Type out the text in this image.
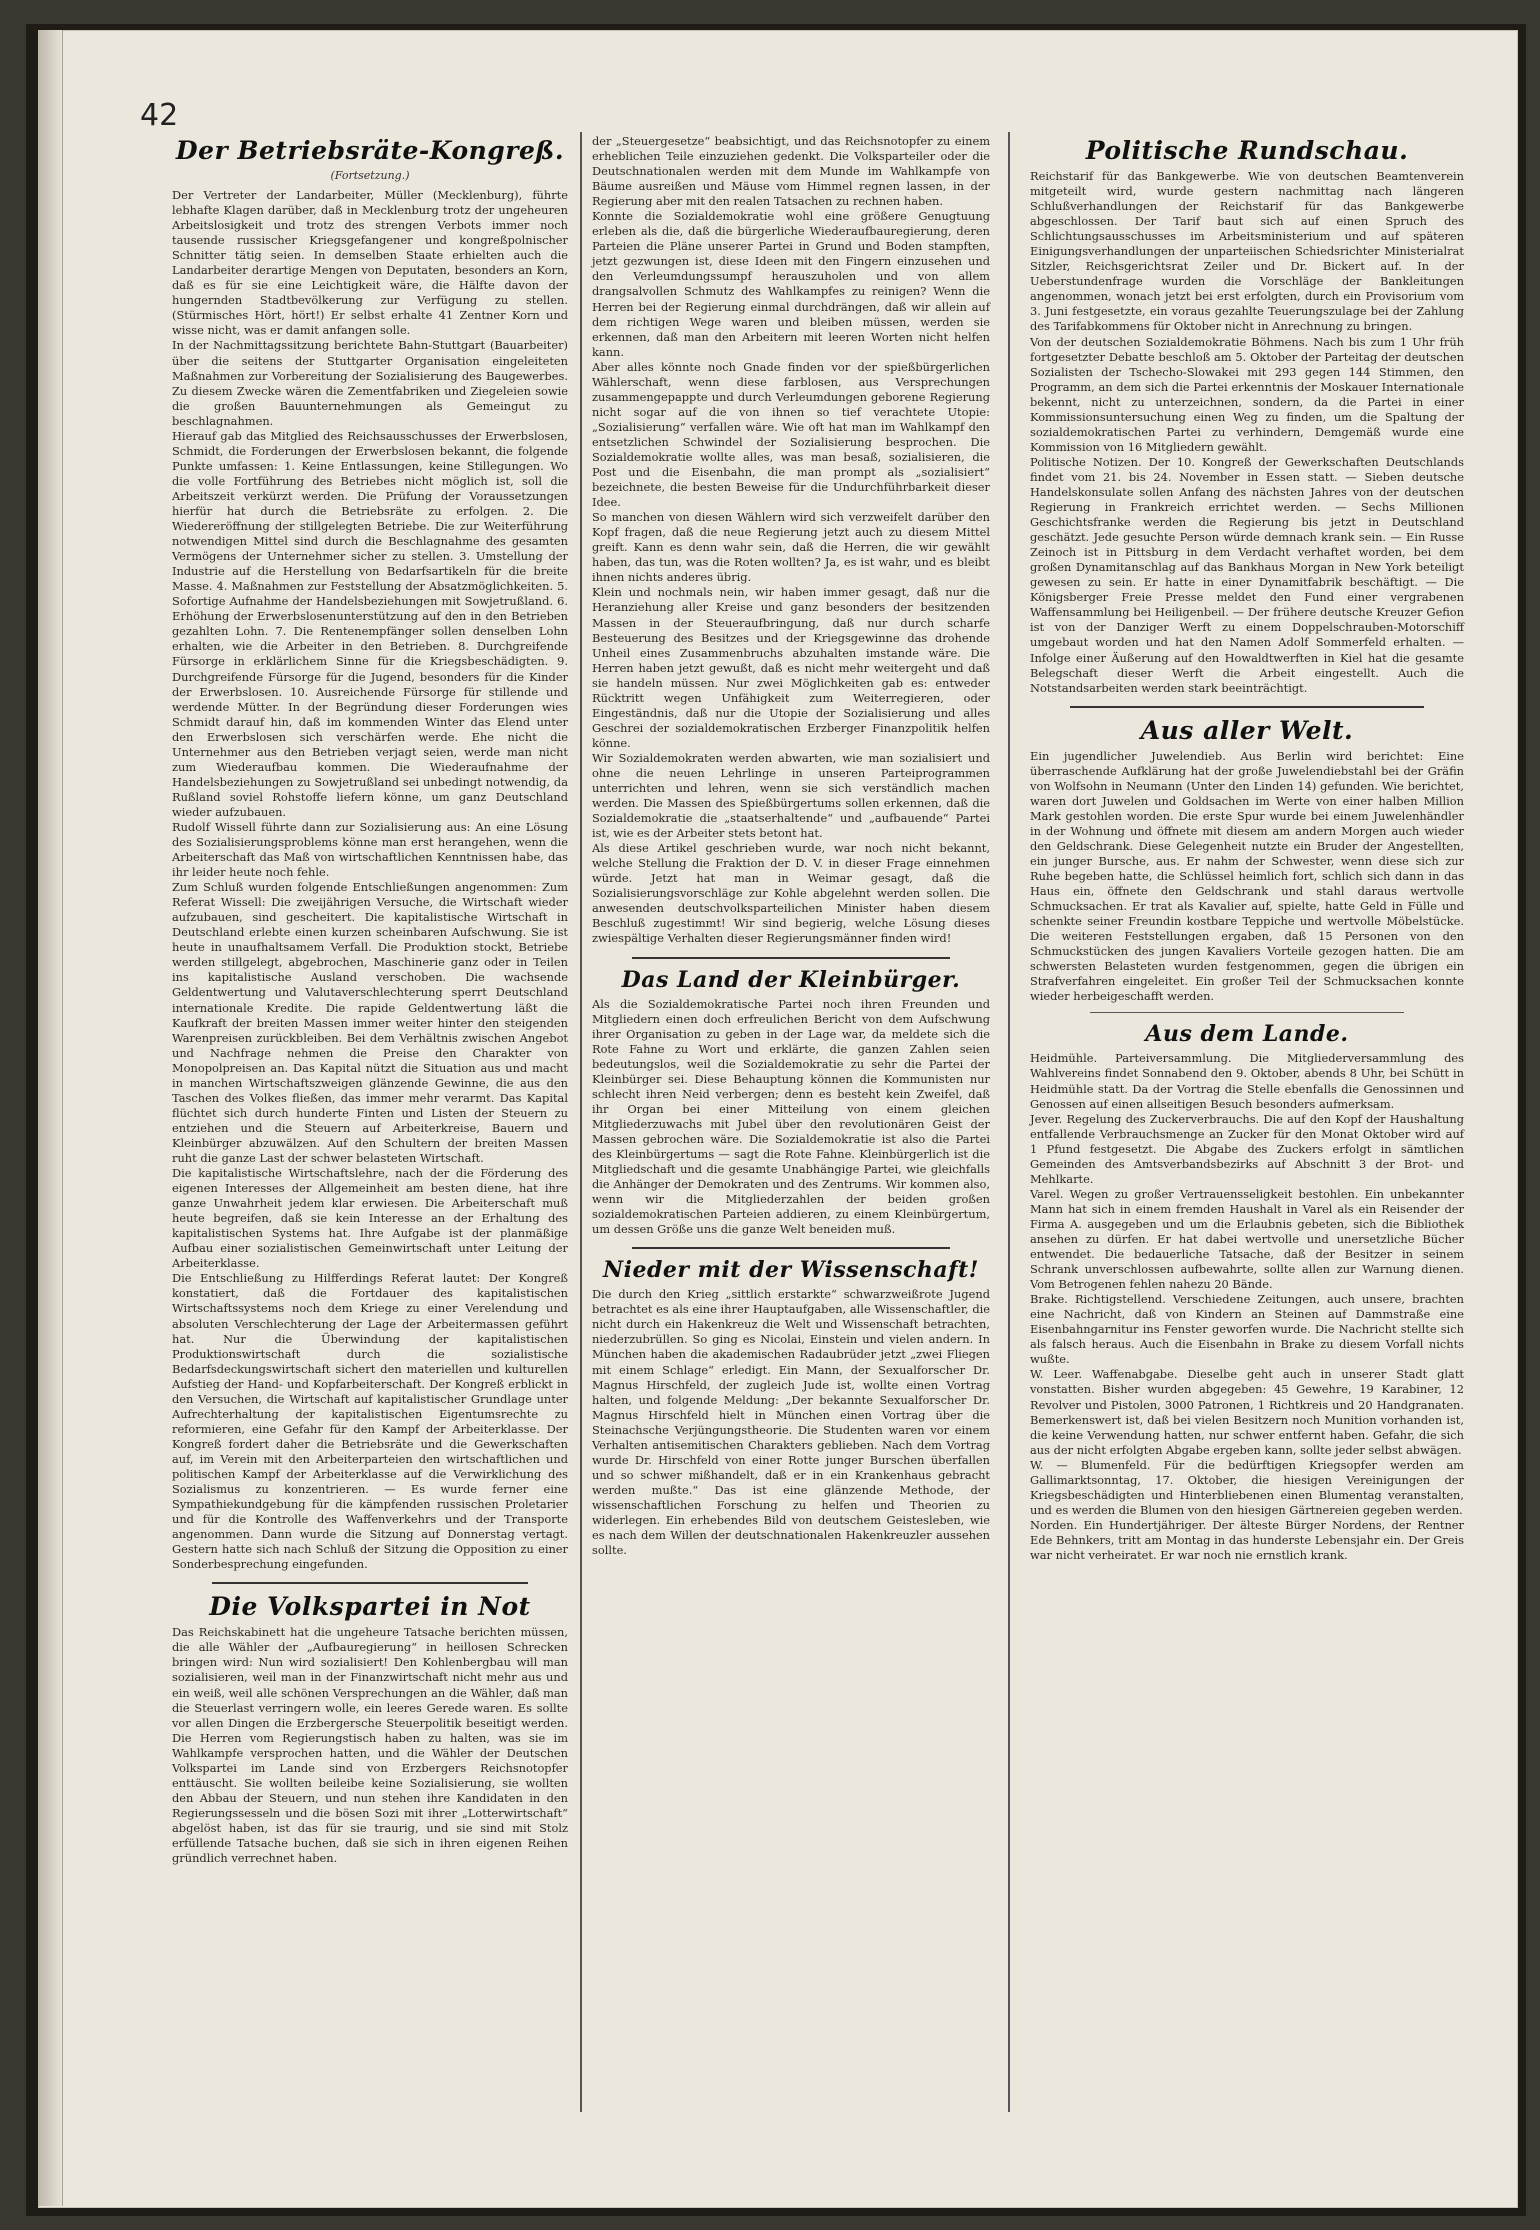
42
Der Betriebsräte-Kongreß.
(Fortsetzung.)

Der Vertreter der Landarbeiter, Müller (Mecklenburg), führte lebhafte Klagen darüber, daß in Mecklenburg trotz der ungeheuren Arbeitslosigkeit und trotz des strengen Verbots immer noch tausende russischer Kriegsgefangener und kongreßpolnischer Schnitter tätig seien. In demselben Staate erhielten auch die Landarbeiter derartige Mengen von Deputaten, besonders an Korn, daß es für sie eine Leichtigkeit wäre, die Hälfte davon der hungernden Stadtbevölkerung zur Verfügung zu stellen. (Stürmisches Hört, hört!) Er selbst erhalte 41 Zentner Korn und wisse nicht, was er damit anfangen solle.

In der Nachmittagssitzung berichtete Bahn-Stuttgart (Bauarbeiter) über die seitens der Stuttgarter Organisation eingeleiteten Maßnahmen zur Vorbereitung der Sozialisierung des Baugewerbes. Zu diesem Zwecke wären die Zementfabriken und Ziegeleien sowie die großen Bauunternehmungen als Gemeingut zu beschlagnahmen.

Hierauf gab das Mitglied des Reichsausschusses der Erwerbslosen, Schmidt, die Forderungen der Erwerbslosen bekannt, die folgende Punkte umfassen: 1. Keine Entlassungen, keine Stillegungen. Wo die volle Fortführung des Betriebes nicht möglich ist, soll die Arbeitszeit verkürzt werden. Die Prüfung der Voraussetzungen hierfür hat durch die Betriebsräte zu erfolgen. 2. Die Wiedereröffnung der stillgelegten Betriebe. Die zur Weiterführung notwendigen Mittel sind durch die Beschlagnahme des gesamten Vermögens der Unternehmer sicher zu stellen. 3. Umstellung der Industrie auf die Herstellung von Bedarfsartikeln für die breite Masse. 4. Maßnahmen zur Feststellung der Absatzmöglichkeiten. 5. Sofortige Aufnahme der Handelsbeziehungen mit Sowjetrußland. 6. Erhöhung der Erwerbslosenunterstützung auf den in den Betrieben gezahlten Lohn. 7. Die Rentenempfänger sollen denselben Lohn erhalten, wie die Arbeiter in den Betrieben. 8. Durchgreifende Fürsorge in erklärlichem Sinne für die Kriegsbeschädigten. 9. Durchgreifende Fürsorge für die Jugend, besonders für die Kinder der Erwerbslosen. 10. Ausreichende Fürsorge für stillende und werdende Mütter. In der Begründung dieser Forderungen wies Schmidt darauf hin, daß im kommenden Winter das Elend unter den Erwerbslosen sich verschärfen werde. Ehe nicht die Unternehmer aus den Betrieben verjagt seien, werde man nicht zum Wiederaufbau kommen. Die Wiederaufnahme der Handelsbeziehungen zu Sowjetrußland sei unbedingt notwendig, da Rußland soviel Rohstoffe liefern könne, um ganz Deutschland wieder aufzubauen.

Rudolf Wissell führte dann zur Sozialisierung aus: An eine Lösung des Sozialisierungsproblems könne man erst herangehen, wenn die Arbeiterschaft das Maß von wirtschaftlichen Kenntnissen habe, das ihr leider heute noch fehle.

Zum Schluß wurden folgende Entschließungen angenommen: Zum Referat Wissell: Die zweijährigen Versuche, die Wirtschaft wieder aufzubauen, sind gescheitert. Die kapitalistische Wirtschaft in Deutschland erlebte einen kurzen scheinbaren Aufschwung. Sie ist heute in unaufhaltsamem Verfall. Die Produktion stockt, Betriebe werden stillgelegt, abgebrochen, Maschinerie ganz oder in Teilen ins kapitalistische Ausland verschoben. Die wachsende Geldentwertung und Valutaverschlechterung sperrt Deutschland internationale Kredite. Die rapide Geldentwertung läßt die Kaufkraft der breiten Massen immer weiter hinter den steigenden Warenpreisen zurückbleiben. Bei dem Verhältnis zwischen Angebot und Nachfrage nehmen die Preise den Charakter von Monopolpreisen an. Das Kapital nützt die Situation aus und macht in manchen Wirtschaftszweigen glänzende Gewinne, die aus den Taschen des Volkes fließen, das immer mehr verarmt. Das Kapital flüchtet sich durch hunderte Finten und Listen der Steuern zu entziehen und die Steuern auf Arbeiterkreise, Bauern und Kleinbürger abzuwälzen. Auf den Schultern der breiten Massen ruht die ganze Last der schwer belasteten Wirtschaft.

Die kapitalistische Wirtschaftslehre, nach der die Förderung des eigenen Interesses der Allgemeinheit am besten diene, hat ihre ganze Unwahrheit jedem klar erwiesen. Die Arbeiterschaft muß heute begreifen, daß sie kein Interesse an der Erhaltung des kapitalistischen Systems hat. Ihre Aufgabe ist der planmäßige Aufbau einer sozialistischen Gemeinwirtschaft unter Leitung der Arbeiterklasse.

Die Entschließung zu Hilfferdings Referat lautet: Der Kongreß konstatiert, daß die Fortdauer des kapitalistischen Wirtschaftssystems noch dem Kriege zu einer Verelendung und absoluten Verschlechterung der Lage der Arbeitermassen geführt hat. Nur die Überwindung der kapitalistischen Produktionswirtschaft durch die sozialistische Bedarfsdeckungswirtschaft sichert den materiellen und kulturellen Aufstieg der Hand- und Kopfarbeiterschaft. Der Kongreß erblickt in den Versuchen, die Wirtschaft auf kapitalistischer Grundlage unter Aufrechterhaltung der kapitalistischen Eigentumsrechte zu reformieren, eine Gefahr für den Kampf der Arbeiterklasse. Der Kongreß fordert daher die Betriebsräte und die Gewerkschaften auf, im Verein mit den Arbeiterparteien den wirtschaftlichen und politischen Kampf der Arbeiterklasse auf die Verwirklichung des Sozialismus zu konzentrieren. — Es wurde ferner eine Sympathiekundgebung für die kämpfenden russischen Proletarier und für die Kontrolle des Waffenverkehrs und der Transporte angenommen. Dann wurde die Sitzung auf Donnerstag vertagt. Gestern hatte sich nach Schluß der Sitzung die Opposition zu einer Sonderbesprechung eingefunden.

Die Volkspartei in Not

Das Reichskabinett hat die ungeheure Tatsache berichten müssen, die alle Wähler der „Aufbauregierung“ in heillosen Schrecken bringen wird: Nun wird sozialisiert! Den Kohlenbergbau will man sozialisieren, weil man in der Finanzwirtschaft nicht mehr aus und ein weiß, weil alle schönen Versprechungen an die Wähler, daß man die Steuerlast verringern wolle, ein leeres Gerede waren. Es sollte vor allen Dingen die Erzbergersche Steuerpolitik beseitigt werden. Die Herren vom Regierungstisch haben zu halten, was sie im Wahlkampfe versprochen hatten, und die Wähler der Deutschen Volkspartei im Lande sind von Erzbergers Reichsnotopfer enttäuscht. Sie wollten beileibe keine Sozialisierung, sie wollten den Abbau der Steuern, und nun stehen ihre Kandidaten in den Regierungssesseln und die bösen Sozi mit ihrer „Lotterwirtschaft“ abgelöst haben, ist das für sie traurig, und sie sind mit Stolz erfüllende Tatsache buchen, daß sie sich in ihren eigenen Reihen gründlich verrechnet haben.

der „Steuergesetze“ beabsichtigt, und das Reichsnotopfer zu einem erheblichen Teile einzuziehen gedenkt. Die Volksparteiler oder die Deutschnationalen werden mit dem Munde im Wahlkampfe von Bäume ausreißen und Mäuse vom Himmel regnen lassen, in der Regierung aber mit den realen Tatsachen zu rechnen haben.

Konnte die Sozialdemokratie wohl eine größere Genugtuung erleben als die, daß die bürgerliche Wiederaufbauregierung, deren Parteien die Pläne unserer Partei in Grund und Boden stampften, jetzt gezwungen ist, diese Ideen mit den Fingern einzusehen und den Verleumdungssumpf herauszuholen und von allem drangsalvollen Schmutz des Wahlkampfes zu reinigen? Wenn die Herren bei der Regierung einmal durchdrängen, daß wir allein auf dem richtigen Wege waren und bleiben müssen, werden sie erkennen, daß man den Arbeitern mit leeren Worten nicht helfen kann.

Aber alles könnte noch Gnade finden vor der spießbürgerlichen Wählerschaft, wenn diese farblosen, aus Versprechungen zusammengepappte und durch Verleumdungen geborene Regierung nicht sogar auf die von ihnen so tief verachtete Utopie: „Sozialisierung“ verfallen wäre. Wie oft hat man im Wahlkampf den entsetzlichen Schwindel der Sozialisierung besprochen. Die Sozialdemokratie wollte alles, was man besaß, sozialisieren, die Post und die Eisenbahn, die man prompt als „sozialisiert“ bezeichnete, die besten Beweise für die Undurchführbarkeit dieser Idee.

So manchen von diesen Wählern wird sich verzweifelt darüber den Kopf fragen, daß die neue Regierung jetzt auch zu diesem Mittel greift. Kann es denn wahr sein, daß die Herren, die wir gewählt haben, das tun, was die Roten wollten? Ja, es ist wahr, und es bleibt ihnen nichts anderes übrig.

Klein und nochmals nein, wir haben immer gesagt, daß nur die Heranziehung aller Kreise und ganz besonders der besitzenden Massen in der Steueraufbringung, daß nur durch scharfe Besteuerung des Besitzes und der Kriegsgewinne das drohende Unheil eines Zusammenbruchs abzuhalten imstande wäre. Die Herren haben jetzt gewußt, daß es nicht mehr weitergeht und daß sie handeln müssen. Nur zwei Möglichkeiten gab es: entweder Rücktritt wegen Unfähigkeit zum Weiterregieren, oder Eingeständnis, daß nur die Utopie der Sozialisierung und alles Geschrei der sozialdemokratischen Erzberger Finanzpolitik helfen könne.

Wir Sozialdemokraten werden abwarten, wie man sozialisiert und ohne die neuen Lehrlinge in unseren Parteiprogrammen unterrichten und lehren, wenn sie sich verständlich machen werden. Die Massen des Spießbürgertums sollen erkennen, daß die Sozialdemokratie die „staatserhaltende“ und „aufbauende“ Partei ist, wie es der Arbeiter stets betont hat.

Als diese Artikel geschrieben wurde, war noch nicht bekannt, welche Stellung die Fraktion der D. V. in dieser Frage einnehmen würde. Jetzt hat man in Weimar gesagt, daß die Sozialisierungsvorschläge zur Kohle abgelehnt werden sollen. Die anwesenden deutschvolksparteilichen Minister haben diesem Beschluß zugestimmt! Wir sind begierig, welche Lösung dieses zwiespältige Verhalten dieser Regierungsmänner finden wird!

Das Land der Kleinbürger.

Als die Sozialdemokratische Partei noch ihren Freunden und Mitgliedern einen doch erfreulichen Bericht von dem Aufschwung ihrer Organisation zu geben in der Lage war, da meldete sich die Rote Fahne zu Wort und erklärte, die ganzen Zahlen seien bedeutungslos, weil die Sozialdemokratie zu sehr die Partei der Kleinbürger sei. Diese Behauptung können die Kommunisten nur schlecht ihren Neid verbergen; denn es besteht kein Zweifel, daß ihr Organ bei einer Mitteilung von einem gleichen Mitgliederzuwachs mit Jubel über den revolutionären Geist der Massen gebrochen wäre. Die Sozialdemokratie ist also die Partei des Kleinbürgertums — sagt die Rote Fahne. Kleinbürgerlich ist die Mitgliedschaft und die gesamte Unabhängige Partei, wie gleichfalls die Anhänger der Demokraten und des Zentrums. Wir kommen also, wenn wir die Mitgliederzahlen der beiden großen sozialdemokratischen Parteien addieren, zu einem Kleinbürgertum, um dessen Größe uns die ganze Welt beneiden muß.

Nieder mit der Wissenschaft!

Die durch den Krieg „sittlich erstarkte“ schwarzweißrote Jugend betrachtet es als eine ihrer Hauptaufgaben, alle Wissenschaftler, die nicht durch ein Hakenkreuz die Welt und Wissenschaft betrachten, niederzubrüllen. So ging es Nicolai, Einstein und vielen andern. In München haben die akademischen Radaubrüder jetzt „zwei Fliegen mit einem Schlage“ erledigt. Ein Mann, der Sexualforscher Dr. Magnus Hirschfeld, der zugleich Jude ist, wollte einen Vortrag halten, und folgende Meldung: „Der bekannte Sexualforscher Dr. Magnus Hirschfeld hielt in München einen Vortrag über die Steinachsche Verjüngungstheorie. Die Studenten waren vor einem Verhalten antisemitischen Charakters geblieben. Nach dem Vortrag wurde Dr. Hirschfeld von einer Rotte junger Burschen überfallen und so schwer mißhandelt, daß er in ein Krankenhaus gebracht werden mußte.“ Das ist eine glänzende Methode, der wissenschaftlichen Forschung zu helfen und Theorien zu widerlegen. Ein erhebendes Bild von deutschem Geistesleben, wie es nach dem Willen der deutschnationalen Hakenkreuzler aussehen sollte.

Politische Rundschau.

Reichstarif für das Bankgewerbe. Wie von deutschen Beamtenverein mitgeteilt wird, wurde gestern nachmittag nach längeren Schlußverhandlungen der Reichstarif für das Bankgewerbe abgeschlossen. Der Tarif baut sich auf einen Spruch des Schlichtungsausschusses im Arbeitsministerium und auf späteren Einigungsverhandlungen der unparteiischen Schiedsrichter Ministerialrat Sitzler, Reichsgerichtsrat Zeiler und Dr. Bickert auf. In der Ueberstundenfrage wurden die Vorschläge der Bankleitungen angenommen, wonach jetzt bei erst erfolgten, durch ein Provisorium vom 3. Juni festgesetzte, ein voraus gezahlte Teuerungszulage bei der Zahlung des Tarifabkommens für Oktober nicht in Anrechnung zu bringen.

Von der deutschen Sozialdemokratie Böhmens. Nach bis zum 1 Uhr früh fortgesetzter Debatte beschloß am 5. Oktober der Parteitag der deutschen Sozialisten der Tschecho-Slowakei mit 293 gegen 144 Stimmen, den Programm, an dem sich die Partei erkenntnis der Moskauer Internationale bekennt, nicht zu unterzeichnen, sondern, da die Partei in einer Kommissionsuntersuchung einen Weg zu finden, um die Spaltung der sozialdemokratischen Partei zu verhindern, Demgemäß wurde eine Kommission von 16 Mitgliedern gewählt.

Politische Notizen. Der 10. Kongreß der Gewerkschaften Deutschlands findet vom 21. bis 24. November in Essen statt. — Sieben deutsche Handelskonsulate sollen Anfang des nächsten Jahres von der deutschen Regierung in Frankreich errichtet werden. — Sechs Millionen Geschichtsfranke werden die Regierung bis jetzt in Deutschland geschätzt. Jede gesuchte Person würde demnach krank sein. — Ein Russe Zeinoch ist in Pittsburg in dem Verdacht verhaftet worden, bei dem großen Dynamitanschlag auf das Bankhaus Morgan in New York beteiligt gewesen zu sein. Er hatte in einer Dynamitfabrik beschäftigt. — Die Königsberger Freie Presse meldet den Fund einer vergrabenen Waffensammlung bei Heiligenbeil. — Der frühere deutsche Kreuzer Gefion ist von der Danziger Werft zu einem Doppelschrauben-Motorschiff umgebaut worden und hat den Namen Adolf Sommerfeld erhalten. — Infolge einer Äußerung auf den Howaldtwerften in Kiel hat die gesamte Belegschaft dieser Werft die Arbeit eingestellt. Auch die Notstandsarbeiten werden stark beeinträchtigt.

Aus aller Welt.

Ein jugendlicher Juwelendieb. Aus Berlin wird berichtet: Eine überraschende Aufklärung hat der große Juwelendiebstahl bei der Gräfin von Wolfsohn in Neumann (Unter den Linden 14) gefunden. Wie berichtet, waren dort Juwelen und Goldsachen im Werte von einer halben Million Mark gestohlen worden. Die erste Spur wurde bei einem Juwelenhändler in der Wohnung und öffnete mit diesem am andern Morgen auch wieder den Geldschrank. Diese Gelegenheit nutzte ein Bruder der Angestellten, ein junger Bursche, aus. Er nahm der Schwester, wenn diese sich zur Ruhe begeben hatte, die Schlüssel heimlich fort, schlich sich dann in das Haus ein, öffnete den Geldschrank und stahl daraus wertvolle Schmucksachen. Er trat als Kavalier auf, spielte, hatte Geld in Fülle und schenkte seiner Freundin kostbare Teppiche und wertvolle Möbelstücke. Die weiteren Feststellungen ergaben, daß 15 Personen von den Schmuckstücken des jungen Kavaliers Vorteile gezogen hatten. Die am schwersten Belasteten wurden festgenommen, gegen die übrigen ein Strafverfahren eingeleitet. Ein großer Teil der Schmucksachen konnte wieder herbeigeschafft werden.

Aus dem Lande.

Heidmühle. Parteiversammlung. Die Mitgliederversammlung des Wahlvereins findet Sonnabend den 9. Oktober, abends 8 Uhr, bei Schütt in Heidmühle statt. Da der Vortrag die Stelle ebenfalls die Genossinnen und Genossen auf einen allseitigen Besuch besonders aufmerksam.

Jever. Regelung des Zuckerverbrauchs. Die auf den Kopf der Haushaltung entfallende Verbrauchsmenge an Zucker für den Monat Oktober wird auf 1 Pfund festgesetzt. Die Abgabe des Zuckers erfolgt in sämtlichen Gemeinden des Amtsverbandsbezirks auf Abschnitt 3 der Brot- und Mehlkarte.

Varel. Wegen zu großer Vertrauensseligkeit bestohlen. Ein unbekannter Mann hat sich in einem fremden Haushalt in Varel als ein Reisender der Firma A. ausgegeben und um die Erlaubnis gebeten, sich die Bibliothek ansehen zu dürfen. Er hat dabei wertvolle und unersetzliche Bücher entwendet. Die bedauerliche Tatsache, daß der Besitzer in seinem Schrank unverschlossen aufbewahrte, sollte allen zur Warnung dienen. Vom Betrogenen fehlen nahezu 20 Bände.

Brake. Richtigstellend. Verschiedene Zeitungen, auch unsere, brachten eine Nachricht, daß von Kindern an Steinen auf Dammstraße eine Eisenbahngarnitur ins Fenster geworfen wurde. Die Nachricht stellte sich als falsch heraus. Auch die Eisenbahn in Brake zu diesem Vorfall nichts wußte.

W. Leer. Waffenabgabe. Dieselbe geht auch in unserer Stadt glatt vonstatten. Bisher wurden abgegeben: 45 Gewehre, 19 Karabiner, 12 Revolver und Pistolen, 3000 Patronen, 1 Richtkreis und 20 Handgranaten. Bemerkenswert ist, daß bei vielen Besitzern noch Munition vorhanden ist, die keine Verwendung hatten, nur schwer entfernt haben. Gefahr, die sich aus der nicht erfolgten Abgabe ergeben kann, sollte jeder selbst abwägen.

W. — Blumenfeld. Für die bedürftigen Kriegsopfer werden am Gallimarktsonntag, 17. Oktober, die hiesigen Vereinigungen der Kriegsbeschädigten und Hinterbliebenen einen Blumentag veranstalten, und es werden die Blumen von den hiesigen Gärtnereien gegeben werden.

Norden. Ein Hundertjähriger. Der älteste Bürger Nordens, der Rentner Ede Behnkers, tritt am Montag in das hunderste Lebensjahr ein. Der Greis war nicht verheiratet. Er war noch nie ernstlich krank.
